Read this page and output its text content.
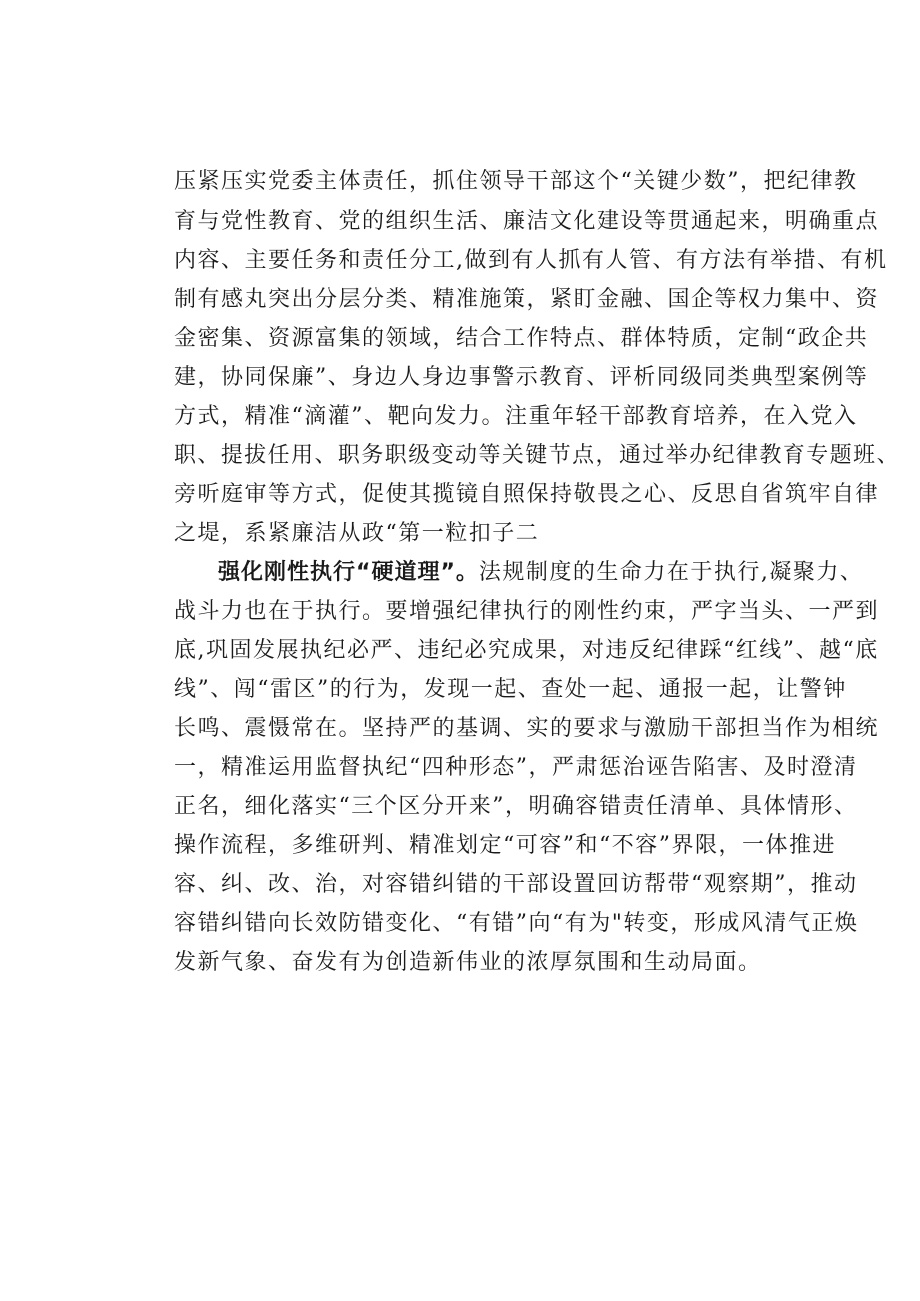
压紧压实党委主体责任，抓住领导干部这个“关键少数”，把纪律教
育与党性教育、党的组织生活、廉洁文化建设等贯通起来，明确重点
内容、主要任务和责任分工,做到有人抓有人管、有方法有举措、有机
制有感丸突出分层分类、精准施策，紧盯金融、国企等权力集中、资
金密集、资源富集的领域，结合工作特点、群体特质，定制“政企共
建，协同保廉”、身边人身边事警示教育、评析同级同类典型案例等
方式，精准“滴灌”、靶向发力。注重年轻干部教育培养，在入党入
职、提拔任用、职务职级变动等关键节点，通过举办纪律教育专题班、
旁听庭审等方式，促使其揽镜自照保持敬畏之心、反思自省筑牢自律
之堤，系紧廉洁从政“第一粒扣子二
强化刚性执行“硬道理”。法规制度的生命力在于执行,凝聚力、
战斗力也在于执行。要增强纪律执行的刚性约束，严字当头、一严到
底,巩固发展执纪必严、违纪必究成果，对违反纪律踩“红线”、越“底
线”、闯“雷区”的行为，发现一起、查处一起、通报一起，让警钟
长鸣、震慑常在。坚持严的基调、实的要求与激励干部担当作为相统
一，精准运用监督执纪“四种形态”，严肃惩治诬告陷害、及时澄清
正名，细化落实“三个区分开来”，明确容错责任清单、具体情形、
操作流程，多维研判、精准划定“可容”和“不容”界限，一体推进
容、纠、改、治，对容错纠错的干部设置回访帮带“观察期”，推动
容错纠错向长效防错变化、“有错”向“有为"转变，形成风清气正焕
发新气象、奋发有为创造新伟业的浓厚氛围和生动局面。
